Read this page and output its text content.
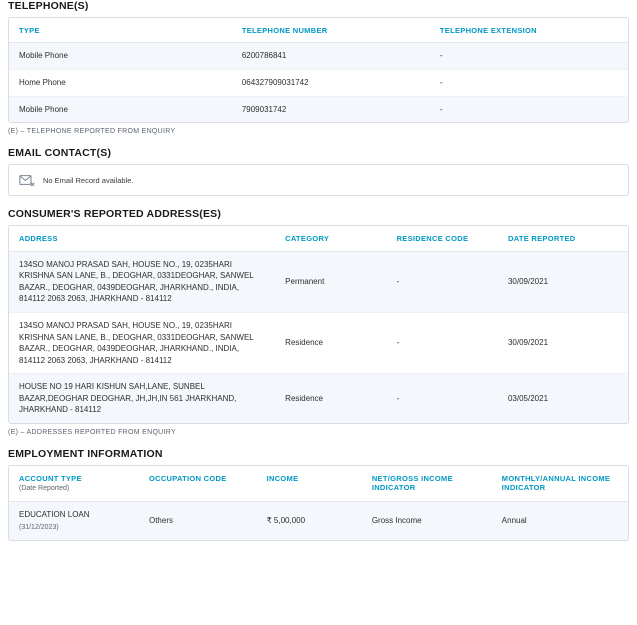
TELEPHONE(S)
TYPE	TELEPHONE NUMBER	TELEPHONE EXTENSION
Mobile Phone	6200786841	-
Home Phone	064327909031742	-
Mobile Phone	7909031742	-
(E) – TELEPHONE REPORTED FROM ENQUIRY
EMAIL CONTACT(S)
No Email Record available.
CONSUMER'S REPORTED ADDRESS(ES)
ADDRESS	CATEGORY	RESIDENCE CODE	DATE REPORTED
134SO MANOJ PRASAD SAH, HOUSE NO., 19, 0235HARI KRISHNA SAN LANE, B., DEOGHAR, 0331DEOGHAR, SANWEL BAZAR., DEOGHAR, 0439DEOGHAR, JHARKHAND., INDIA, 814112 2063 2063, JHARKHAND - 814112	Permanent	-	30/09/2021
134SO MANOJ PRASAD SAH, HOUSE NO., 19, 0235HARI KRISHNA SAN LANE, B., DEOGHAR, 0331DEOGHAR, SANWEL BAZAR., DEOGHAR, 0439DEOGHAR, JHARKHAND., INDIA, 814112 2063 2063, JHARKHAND - 814112	Residence	-	30/09/2021
HOUSE NO 19 HARI KISHUN SAH,LANE, SUNBEL BAZAR,DEOGHAR DEOGHAR, JH,JH,IN 561 JHARKHAND, JHARKHAND - 814112	Residence	-	03/05/2021
(E) – ADDRESSES REPORTED FROM ENQUIRY
EMPLOYMENT INFORMATION
ACCOUNT TYPE
(Date Reported)	OCCUPATION CODE	INCOME	NET/GROSS INCOME INDICATOR	MONTHLY/ANNUAL INCOME INDICATOR
EDUCATION LOAN
(31/12/2023)	Others	₹ 5,00,000	Gross Income	Annual
